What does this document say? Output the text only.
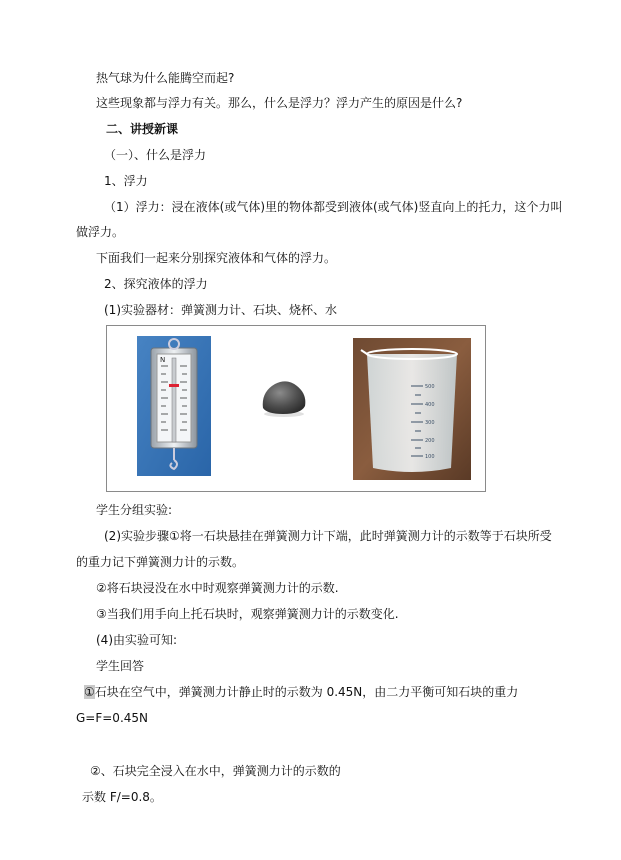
热气球为什么能腾空而起?
这些现象都与浮力有关。那么，什么是浮力？浮力产生的原因是什么?
二、讲授新课
（一）、什么是浮力
1、浮力
（1）浮力：浸在液体(或气体)里的物体都受到液体(或气体)竖直向上的托力，这个力叫
做浮力。
下面我们一起来分别探究液体和气体的浮力。
2、探究液体的浮力
(1)实验器材：弹簧测力计、石块、烧杯、水
N
500
400
300
200
100
学生分组实验:
(2)实验步骤①将一石块悬挂在弹簧测力计下端，此时弹簧测力计的示数等于石块所受
的重力记下弹簧测力计的示数。
②将石块浸没在水中时观察弹簧测力计的示数.
③当我们用手向上托石块时，观察弹簧测力计的示数变化.
(4)由实验可知:
学生回答
①石块在空气中，弹簧测力计静止时的示数为 0.45N，由二力平衡可知石块的重力
G=F=0.45N
②、石块完全浸入在水中，弹簧测力计的示数的
示数 F/=0.8。
